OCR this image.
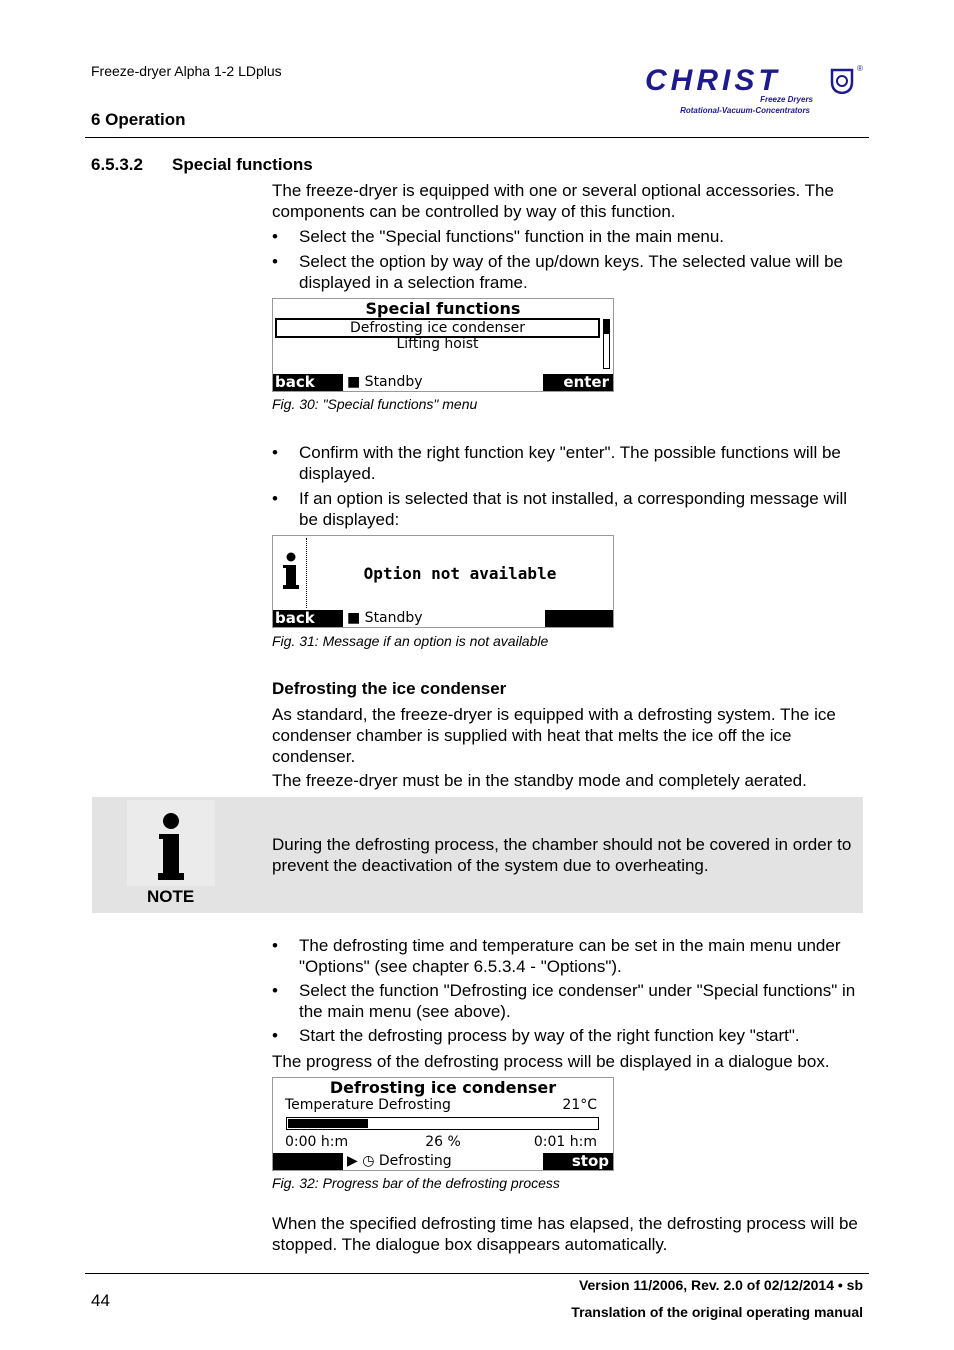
Freeze-dryer Alpha 1-2 LDplus
6 Operation
CHRIST	®
Freeze Dryers
Rotational-Vacuum-Concentrators
6.5.3.2 Special functions
The freeze-dryer is equipped with one or several optional accessories. The components can be controlled by way of this function.
• Select the "Special functions" function in the main menu.
• Select the option by way of the up/down keys. The selected value will be displayed in a selection frame.
Special functions
Defrosting ice condenser
Lifting hoist
back	■ Standby	enter
Fig. 30: "Special functions" menu
• Confirm with the right function key "enter". The possible functions will be displayed.
• If an option is selected that is not installed, a corresponding message will be displayed:
Option not available
back	■ Standby
Fig. 31: Message if an option is not available
Defrosting the ice condenser
As standard, the freeze-dryer is equipped with a defrosting system. The ice condenser chamber is supplied with heat that melts the ice off the ice condenser.
The freeze-dryer must be in the standby mode and completely aerated.
NOTE
During the defrosting process, the chamber should not be covered in order to prevent the deactivation of the system due to overheating.
• The defrosting time and temperature can be set in the main menu under "Options" (see chapter 6.5.3.4 - "Options").
• Select the function "Defrosting ice condenser" under "Special functions" in the main menu (see above).
• Start the defrosting process by way of the right function key "start".
The progress of the defrosting process will be displayed in a dialogue box.
Defrosting ice condenser
Temperature Defrosting	21°C
0:00 h:m	26 %	0:01 h:m
▶ ◷ Defrosting	stop
Fig. 32: Progress bar of the defrosting process
When the specified defrosting time has elapsed, the defrosting process will be stopped. The dialogue box disappears automatically.
44
Version 11/2006, Rev. 2.0 of 02/12/2014 • sb
Translation of the original operating manual
